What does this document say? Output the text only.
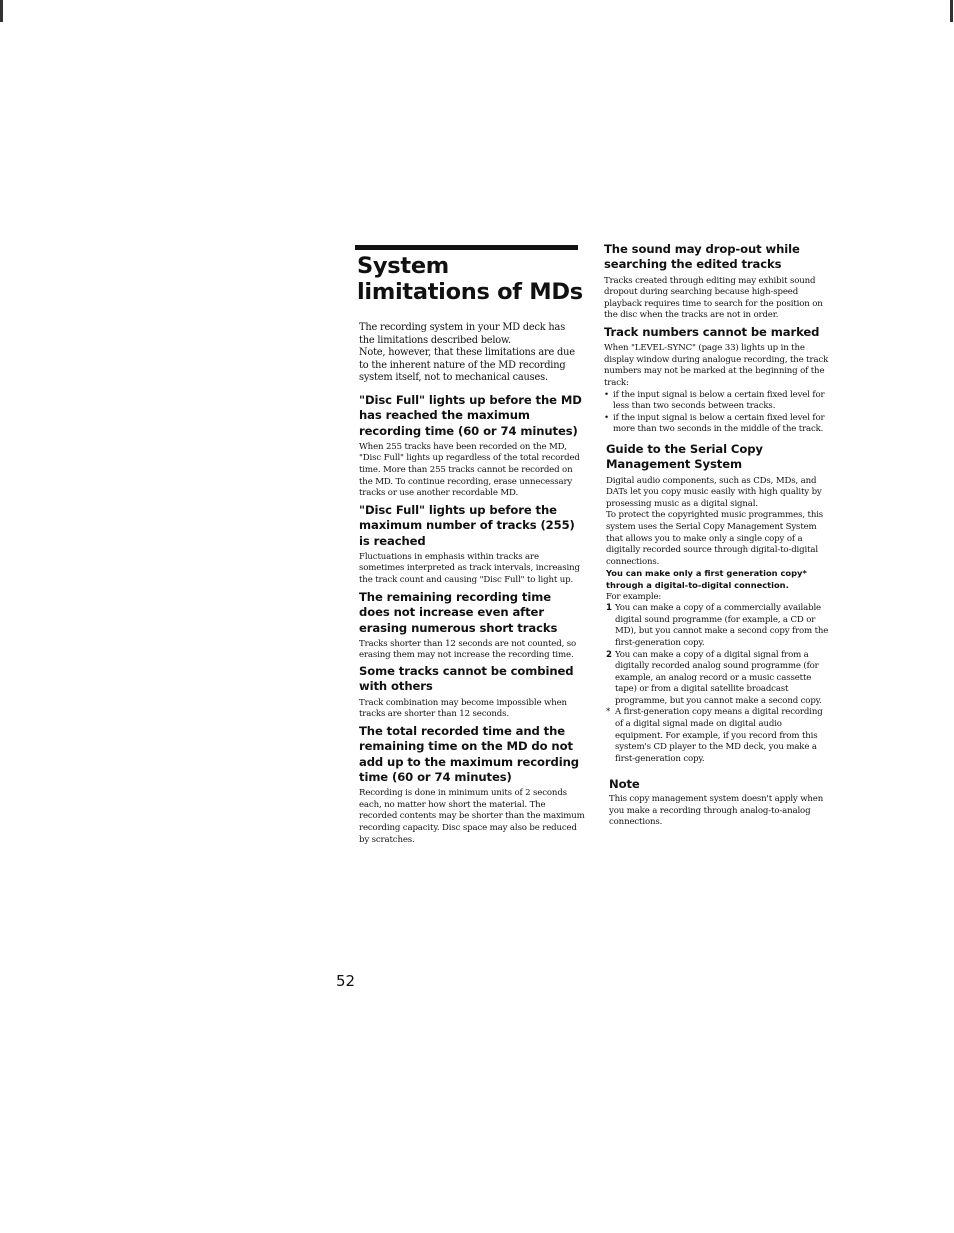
System limitations of MDs

The recording system in your MD deck has the limitations described below.

Note, however, that these limitations are due to the inherent nature of the MD recording system itself, not to mechanical causes.

"Disc Full" lights up before the MD has reached the maximum recording time (60 or 74 minutes)

When 255 tracks have been recorded on the MD, "Disc Full" lights up regardless of the total recorded time. More than 255 tracks cannot be recorded on the MD. To continue recording, erase unnecessary tracks or use another recordable MD.

"Disc Full" lights up before the maximum number of tracks (255) is reached

Fluctuations in emphasis within tracks are sometimes interpreted as track intervals, increasing the track count and causing "Disc Full" to light up.

The remaining recording time does not increase even after erasing numerous short tracks

Tracks shorter than 12 seconds are not counted, so erasing them may not increase the recording time.

Some tracks cannot be combined with others

Track combination may become impossible when tracks are shorter than 12 seconds.

The total recorded time and the remaining time on the MD do not add up to the maximum recording time (60 or 74 minutes)

Recording is done in minimum units of 2 seconds each, no matter how short the material. The recorded contents may be shorter than the maximum recording capacity. Disc space may also be reduced by scratches.

The sound may drop-out while searching the edited tracks

Tracks created through editing may exhibit sound dropout during searching because high-speed playback requires time to search for the position on the disc when the tracks are not in order.

Track numbers cannot be marked

When "LEVEL-SYNC" (page 33) lights up in the display window during analogue recording, the track numbers may not be marked at the beginning of the track:

• if the input signal is below a certain fixed level for less than two seconds between tracks.
• if the input signal is below a certain fixed level for more than two seconds in the middle of the track.

Guide to the Serial Copy Management System

Digital audio components, such as CDs, MDs, and DATs let you copy music easily with high quality by prosessing music as a digital signal.

To protect the copyrighted music programmes, this system uses the Serial Copy Management System that allows you to make only a single copy of a digitally recorded source through digital-to-digital connections.

You can make only a first generation copy* through a digital-to-digital connection.

For example:

1 You can make a copy of a commercially available digital sound programme (for example, a CD or MD), but you cannot make a second copy from the first-generation copy.
2 You can make a copy of a digital signal from a digitally recorded analog sound programme (for example, an analog record or a music cassette tape) or from a digital satellite broadcast programme, but you cannot make a second copy.
* A first-generation copy means a digital recording of a digital signal made on digital audio equipment. For example, if you record from this system's CD player to the MD deck, you make a first-generation copy.

Note

This copy management system doesn't apply when you make a recording through analog-to-analog connections.

52
